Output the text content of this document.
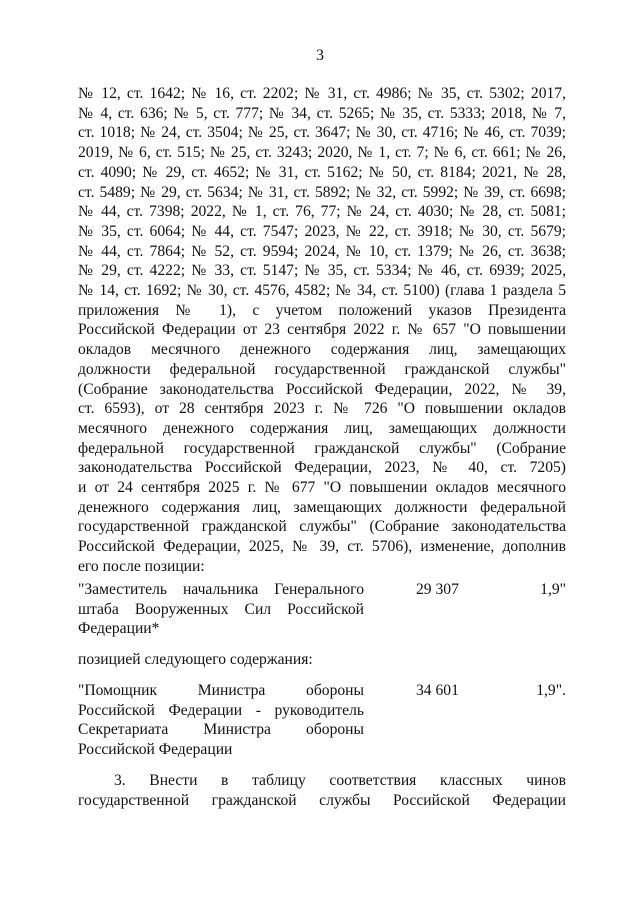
3
№ 12, ст. 1642; № 16, ст. 2202; № 31, ст. 4986; № 35, ст. 5302; 2017,
№ 4, ст. 636; № 5, ст. 777; № 34, ст. 5265; № 35, ст. 5333; 2018, № 7,
ст. 1018; № 24, ст. 3504; № 25, ст. 3647; № 30, ст. 4716; № 46, ст. 7039;
2019, № 6, ст. 515; № 25, ст. 3243; 2020, № 1, ст. 7; № 6, ст. 661; № 26,
ст. 4090; № 29, ст. 4652; № 31, ст. 5162; № 50, ст. 8184; 2021, № 28,
ст. 5489; № 29, ст. 5634; № 31, ст. 5892; № 32, ст. 5992; № 39, ст. 6698;
№ 44, ст. 7398; 2022, № 1, ст. 76, 77; № 24, ст. 4030; № 28, ст. 5081;
№ 35, ст. 6064; № 44, ст. 7547; 2023, № 22, ст. 3918; № 30, ст. 5679;
№ 44, ст. 7864; № 52, ст. 9594; 2024, № 10, ст. 1379; № 26, ст. 3638;
№ 29, ст. 4222; № 33, ст. 5147; № 35, ст. 5334; № 46, ст. 6939; 2025,
№ 14, ст. 1692; № 30, ст. 4576, 4582; № 34, ст. 5100) (глава 1 раздела 5
приложения № 1), с учетом положений указов Президента
Российской Федерации от 23 сентября 2022 г. № 657 "О повышении
окладов месячного денежного содержания лиц, замещающих
должности федеральной государственной гражданской службы"
(Собрание законодательства Российской Федерации, 2022, № 39,
ст. 6593), от 28 сентября 2023 г. № 726 "О повышении окладов
месячного денежного содержания лиц, замещающих должности
федеральной государственной гражданской службы" (Собрание
законодательства Российской Федерации, 2023, № 40, ст. 7205)
и от 24 сентября 2025 г. № 677 "О повышении окладов месячного
денежного содержания лиц, замещающих должности федеральной
государственной гражданской службы" (Собрание законодательства
Российской Федерации, 2025, № 39, ст. 5706), изменение, дополнив
его после позиции:
"Заместитель начальника Генерального
штаба Вооруженных Сил Российской
Федерации*
29 307	1,9"
позицией следующего содержания:
"Помощник Министра обороны
Российской Федерации - руководитель
Секретариата Министра обороны
Российской Федерации
34 601	1,9".
3. Внести в таблицу соответствия классных чинов
государственной гражданской службы Российской Федерации
